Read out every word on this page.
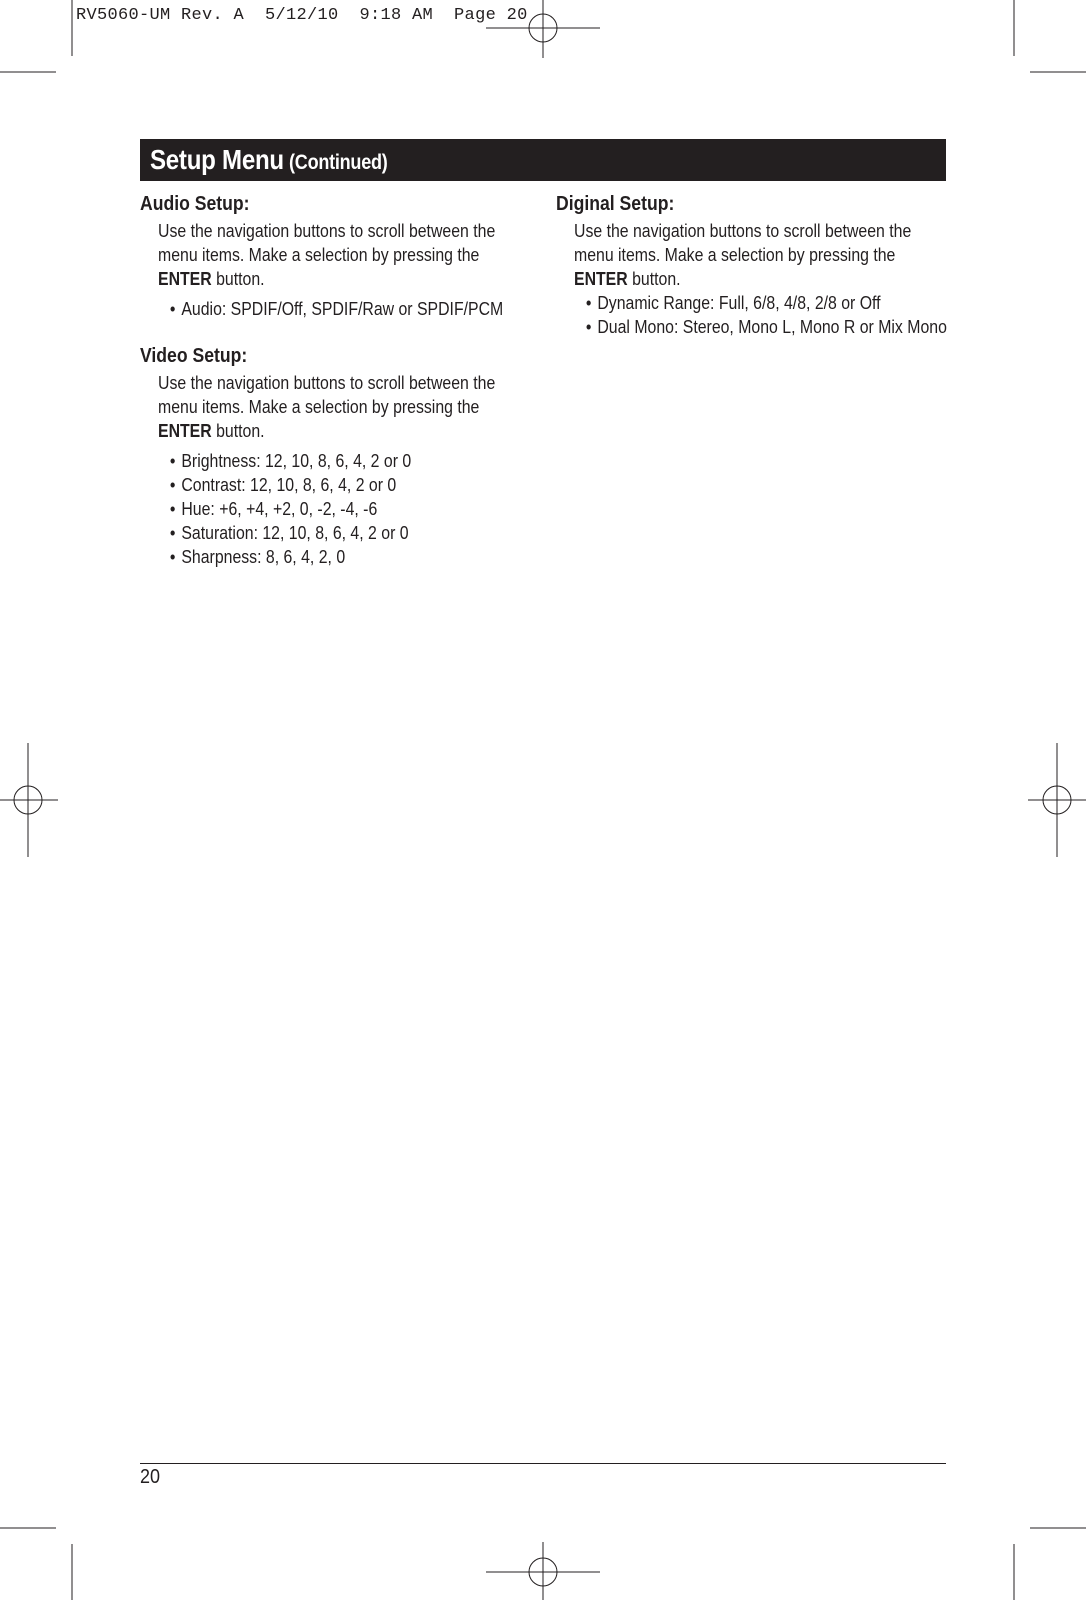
RV5060-UM Rev. A  5/12/10  9:18 AM  Page 20
Setup Menu (Continued)
Audio Setup:
Use the navigation buttons to scroll between the menu items. Make a selection by pressing the ENTER button.
• Audio: SPDIF/Off, SPDIF/Raw or SPDIF/PCM
Video Setup:
Use the navigation buttons to scroll between the menu items. Make a selection by pressing the ENTER button.
• Brightness: 12, 10, 8, 6, 4, 2 or 0
• Contrast: 12, 10, 8, 6, 4, 2 or 0
• Hue: +6, +4, +2, 0, -2, -4, -6
• Saturation: 12, 10, 8, 6, 4, 2 or 0
• Sharpness: 8, 6, 4, 2, 0
Diginal Setup:
Use the navigation buttons to scroll between the menu items. Make a selection by pressing the ENTER button.
• Dynamic Range: Full, 6/8, 4/8, 2/8 or Off
• Dual Mono: Stereo, Mono L, Mono R or Mix Mono
20
